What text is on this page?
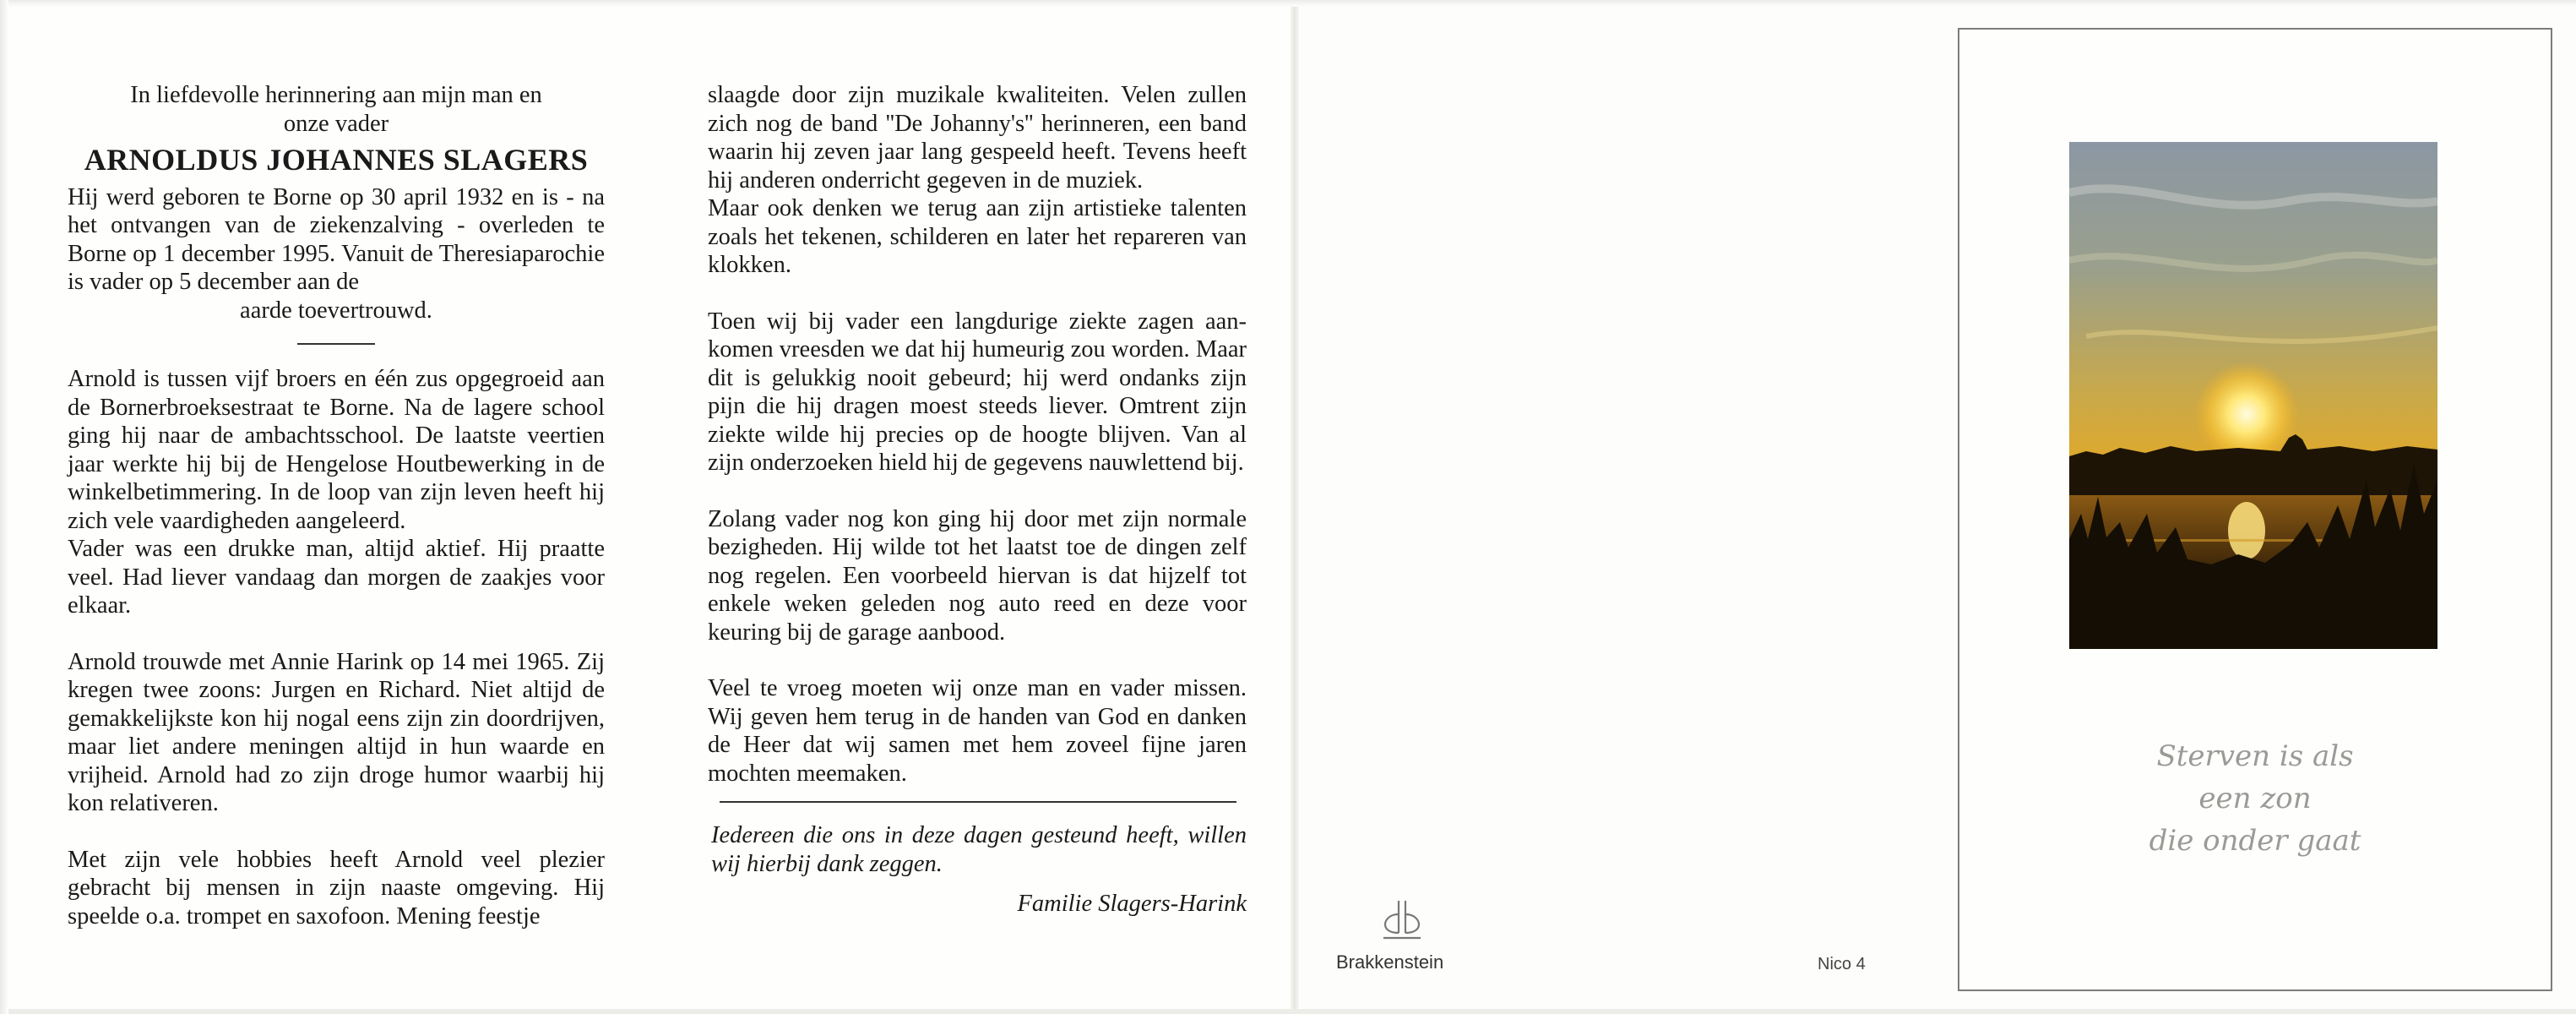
In liefdevolle herinnering aan mijn man en
onze vader
ARNOLDUS JOHANNES SLAGERS

Hij werd geboren te Borne op 30 april 1932 en is - na het ontvangen van de ziekenzalving - overleden te Borne op 1 december 1995. Vanuit de Theresiaparochie is vader op 5 december aan de

aarde toevertrouwd.

Arnold is tussen vijf broers en één zus opgegroeid aan de Bornerbroeksestraat te Borne. Na de lagere school ging hij naar de ambachtsschool. De laatste veertien jaar werkte hij bij de Hengelose Houtbewerking in de winkelbetimmering. In de loop van zijn leven heeft hij zich vele vaardigheden aangeleerd.

Vader was een drukke man, altijd aktief. Hij praatte veel. Had liever vandaag dan morgen de zaakjes voor elkaar.

Arnold trouwde met Annie Harink op 14 mei 1965. Zij kregen twee zoons: Jurgen en Richard. Niet altijd de gemakkelijkste kon hij nogal eens zijn zin doordrijven, maar liet andere meningen altijd in hun waarde en vrijheid. Arnold had zo zijn droge humor waarbij hij kon relativeren.

Met zijn vele hobbies heeft Arnold veel plezier gebracht bij mensen in zijn naaste omgeving. Hij speelde o.a. trompet en saxofoon. Mening feestje

slaagde door zijn muzikale kwaliteiten. Velen zullen zich nog de band ''De Johanny's'' herinneren, een band waarin hij zeven jaar lang gespeeld heeft. Tevens heeft hij anderen onderricht gegeven in de muziek.

Maar ook denken we terug aan zijn artistieke talenten zoals het tekenen, schilderen en later het repareren van klokken.

Toen wij bij vader een langdurige ziekte zagen aankomen vreesden we dat hij humeurig zou worden. Maar dit is gelukkig nooit gebeurd; hij werd ondanks zijn pijn die hij dragen moest steeds liever. Omtrent zijn ziekte wilde hij precies op de hoogte blijven. Van al zijn onderzoeken hield hij de gegevens nauwlettend bij.

Zolang vader nog kon ging hij door met zijn normale bezigheden. Hij wilde tot het laatst toe de dingen zelf nog regelen. Een voorbeeld hiervan is dat hijzelf tot enkele weken geleden nog auto reed en deze voor keuring bij de garage aanbood.

Veel te vroeg moeten wij onze man en vader missen. Wij geven hem terug in de handen van God en danken de Heer dat wij samen met hem zoveel fijne jaren mochten meemaken.

Iedereen die ons in deze dagen gesteund heeft, willen wij hierbij dank zeggen.

Familie Slagers-Harink

Brakkenstein	Nico 4
Sterven is als
een zon
die onder gaat
